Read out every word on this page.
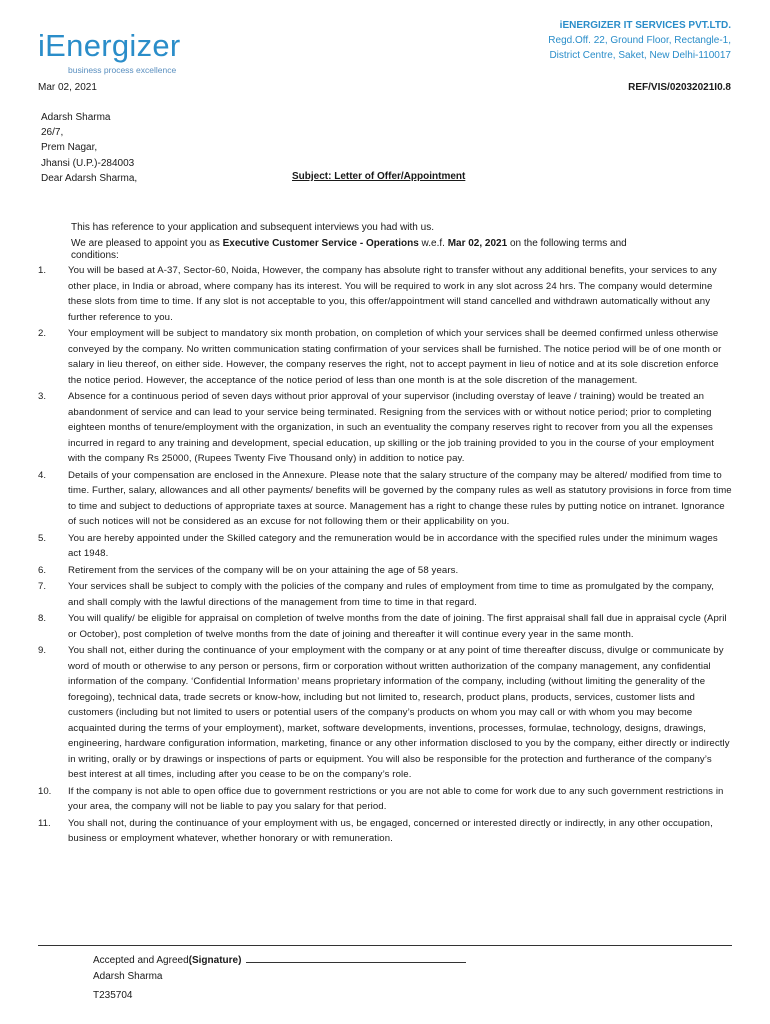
iEnergizer
business process excellence
iENERGIZER IT SERVICES PVT.LTD.
Regd.Off. 22, Ground Floor, Rectangle-1,
District Centre, Saket, New Delhi-110017
Mar 02, 2021	REF/VIS/02032021I0.8
Adarsh Sharma
26/7,
Prem Nagar,
Jhansi (U.P.)-284003
Dear Adarsh Sharma,	Subject: Letter of Offer/Appointment

This has reference to your application and subsequent interviews you had with us.

We are pleased to appoint you as Executive Customer Service - Operations w.e.f. Mar 02, 2021 on the following terms and conditions:

1.	You will be based at A-37, Sector-60, Noida, However, the company has absolute right to transfer without any additional benefits, your services to any other place, in India or abroad, where company has its interest. You will be required to work in any slot across 24 hrs. The company would determine these slots from time to time. If any slot is not acceptable to you, this offer/appointment will stand cancelled and withdrawn automatically without any further reference to you.
2.	Your employment will be subject to mandatory six month probation, on completion of which your services shall be deemed confirmed unless otherwise conveyed by the company. No written communication stating confirmation of your services shall be furnished. The notice period will be of one month or salary in lieu thereof, on either side. However, the company reserves the right, not to accept payment in lieu of notice and at its sole discretion enforce the notice period. However, the acceptance of the notice period of less than one month is at the sole discretion of the management.
3.	Absence for a continuous period of seven days without prior approval of your supervisor (including overstay of leave / training) would be treated an abandonment of service and can lead to your service being terminated. Resigning from the services with or without notice period; prior to completing eighteen months of tenure/employment with the organization, in such an eventuality the company reserves right to recover from you all the expenses incurred in regard to any training and development, special education, up skilling or the job training provided to you in the course of your employment with the company Rs 25000, (Rupees Twenty Five Thousand only) in addition to notice pay.
4.	Details of your compensation are enclosed in the Annexure. Please note that the salary structure of the company may be altered/ modified from time to time. Further, salary, allowances and all other payments/ benefits will be governed by the company rules as well as statutory provisions in force from time to time and subject to deductions of appropriate taxes at source. Management has a right to change these rules by putting notice on intranet. Ignorance of such notices will not be considered as an excuse for not following them or their applicability on you.
5.	You are hereby appointed under the Skilled category and the remuneration would be in accordance with the specified rules under the minimum wages act 1948.
6.	Retirement from the services of the company will be on your attaining the age of 58 years.
7.	Your services shall be subject to comply with the policies of the company and rules of employment from time to time as promulgated by the company, and shall comply with the lawful directions of the management from time to time in that regard.
8.	You will qualify/ be eligible for appraisal on completion of twelve months from the date of joining. The first appraisal shall fall due in appraisal cycle (April or October), post completion of twelve months from the date of joining and thereafter it will continue every year in the same month.
9.	You shall not, either during the continuance of your employment with the company or at any point of time thereafter discuss, divulge or communicate by word of mouth or otherwise to any person or persons, firm or corporation without written authorization of the company management, any confidential information of the company. ‘Confidential Information’ means proprietary information of the company, including (without limiting the generality of the foregoing), technical data, trade secrets or know-how, including but not limited to, research, product plans, products, services, customer lists and customers (including but not limited to users or potential users of the company’s products on whom you may call or with whom you may become acquainted during the terms of your employment), market, software developments, inventions, processes, formulae, technology, designs, drawings, engineering, hardware configuration information, marketing, finance or any other information disclosed to you by the company, either directly or indirectly in writing, orally or by drawings or inspections of parts or equipment. You will also be responsible for the protection and furtherance of the company’s best interest at all times, including after you cease to be on the company’s role.
10.	If the company is not able to open office due to government restrictions or you are not able to come for work due to any such government restrictions in your area, the company will not be liable to pay you salary for that period.
11.	You shall not, during the continuance of your employment with us, be engaged, concerned or interested directly or indirectly, in any other occupation, business or employment whatever, whether honorary or with remuneration.
Accepted and Agreed(Signature)
Adarsh Sharma
T235704
